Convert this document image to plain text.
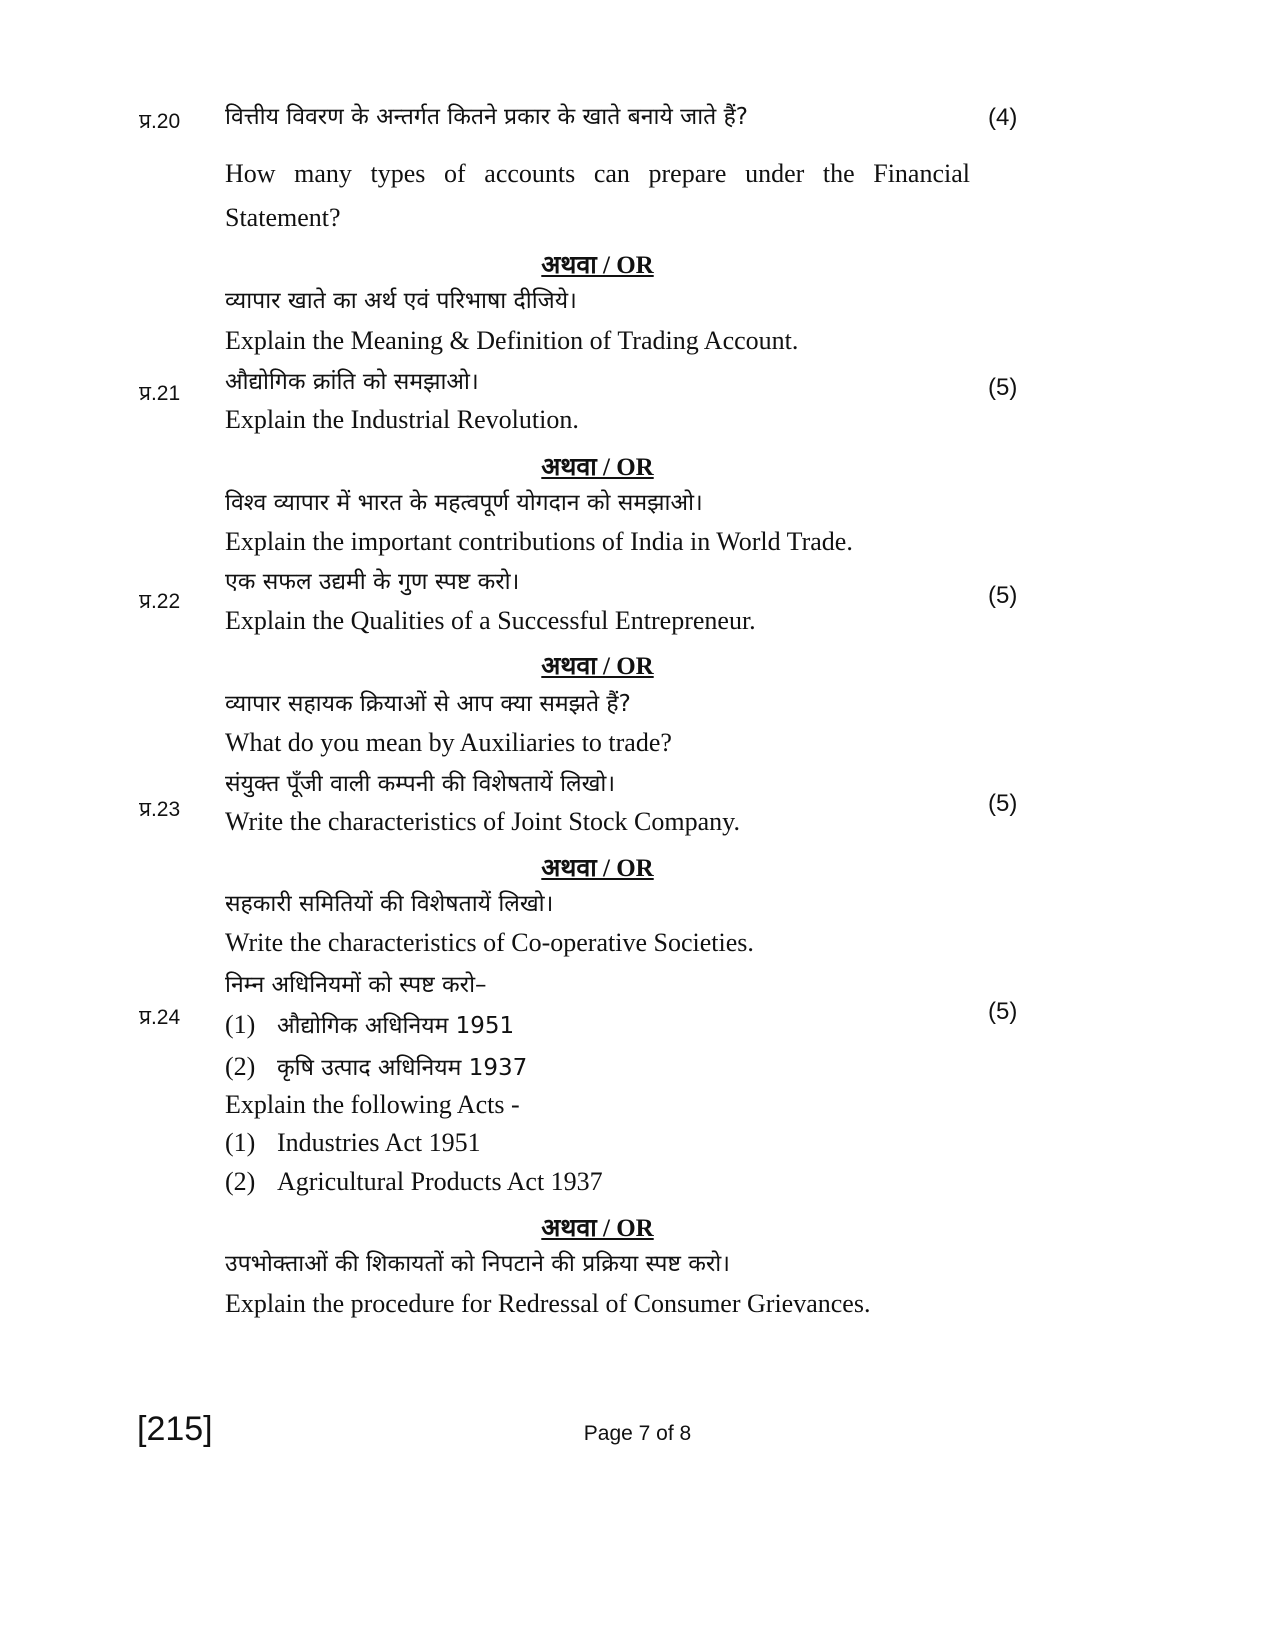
प्र.20 वित्तीय विवरण के अन्तर्गत कितने प्रकार के खाते बनाये जाते हैं?	(4)
How many types of accounts can prepare under the Financial Statement?
अथवा / OR
व्यापार खाते का अर्थ एवं परिभाषा दीजिये।
Explain the Meaning & Definition of Trading Account.
प्र.21 औद्योगिक क्रांति को समझाओ।	(5)
Explain the Industrial Revolution.
अथवा / OR
विश्व व्यापार में भारत के महत्वपूर्ण योगदान को समझाओ।
Explain the important contributions of India in World Trade.
प्र.22
एक सफल उद्यमी के गुण स्पष्ट करो।	(5)
Explain the Qualities of a Successful Entrepreneur.
अथवा / OR
व्यापार सहायक क्रियाओं से आप क्या समझते हैं?
What do you mean by Auxiliaries to trade?
प्र.23
संयुक्त पूँजी वाली कम्पनी की विशेषतायें लिखो।
(5)
Write the characteristics of Joint Stock Company.
अथवा / OR
सहकारी समितियों की विशेषतायें लिखो।
Write the characteristics of Co-operative Societies.
प्र.24
निम्न अधिनियमों को स्पष्ट करो–
(5)
(1) औद्योगिक अधिनियम 1951
(2) कृषि उत्पाद अधिनियम 1937
Explain the following Acts -
(1) Industries Act 1951
(2) Agricultural Products Act 1937
अथवा / OR
उपभोक्ताओं की शिकायतों को निपटाने की प्रक्रिया स्पष्ट करो।
Explain the procedure for Redressal of Consumer Grievances.
[215]	Page 7 of 8
